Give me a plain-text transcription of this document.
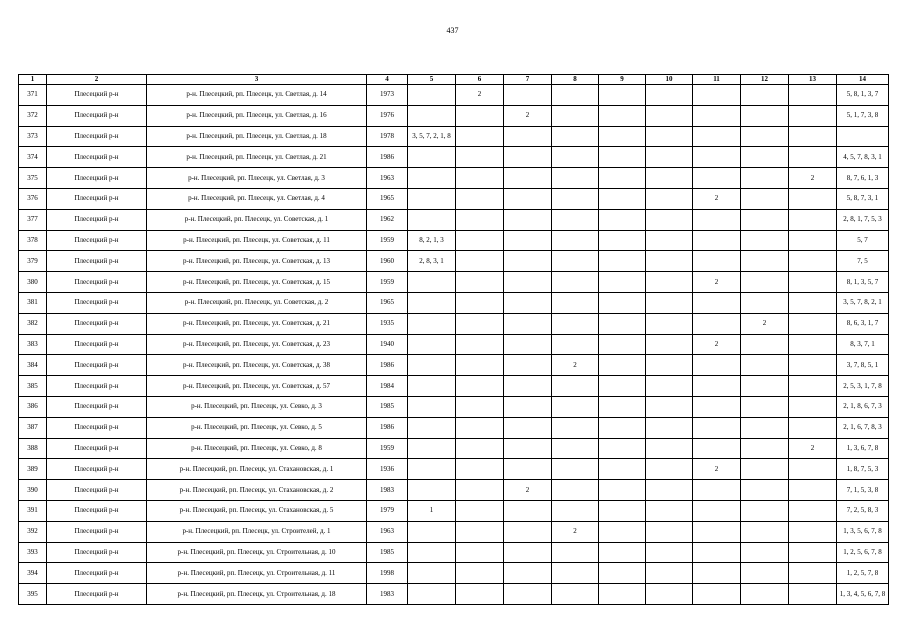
437
1	2	3	4	5	6	7	8	9	10	11	12	13	14
371	Плесецкий р-н	р-н. Плесецкий, рп. Плесецк, ул. Светлая, д. 14	1973		2								5, 8, 1, 3, 7
372	Плесецкий р-н	р-н. Плесецкий, рп. Плесецк, ул. Светлая, д. 16	1976			2							5, 1, 7, 3, 8
373	Плесецкий р-н	р-н. Плесецкий, рп. Плесецк, ул. Светлая, д. 18	1978	3, 5, 7, 2, 1, 8									
374	Плесецкий р-н	р-н. Плесецкий, рп. Плесецк, ул. Светлая, д. 21	1986										4, 5, 7, 8, 3, 1
375	Плесецкий р-н	р-н. Плесецкий, рп. Плесецк, ул. Светлая, д. 3	1963									2	8, 7, 6, 1, 3
376	Плесецкий р-н	р-н. Плесецкий, рп. Плесецк, ул. Светлая, д. 4	1965							2			5, 8, 7, 3, 1
377	Плесецкий р-н	р-н. Плесецкий, рп. Плесецк, ул. Советская, д. 1	1962										2, 8, 1, 7, 5, 3
378	Плесецкий р-н	р-н. Плесецкий, рп. Плесецк, ул. Советская, д. 11	1959	8, 2, 1, 3									5, 7
379	Плесецкий р-н	р-н. Плесецкий, рп. Плесецк, ул. Советская, д. 13	1960	2, 8, 3, 1									7, 5
380	Плесецкий р-н	р-н. Плесецкий, рп. Плесецк, ул. Советская, д. 15	1959							2			8, 1, 3, 5, 7
381	Плесецкий р-н	р-н. Плесецкий, рп. Плесецк, ул. Советская, д. 2	1965										3, 5, 7, 8, 2, 1
382	Плесецкий р-н	р-н. Плесецкий, рп. Плесецк, ул. Советская, д. 21	1935								2		8, 6, 3, 1, 7
383	Плесецкий р-н	р-н. Плесецкий, рп. Плесецк, ул. Советская, д. 23	1940							2			8, 3, 7, 1
384	Плесецкий р-н	р-н. Плесецкий, рп. Плесецк, ул. Советская, д. 38	1986				2						3, 7, 8, 5, 1
385	Плесецкий р-н	р-н. Плесецкий, рп. Плесецк, ул. Советская, д. 57	1984										2, 5, 3, 1, 7, 8
386	Плесецкий р-н	р-н. Плесецкий, рп. Плесецк, ул. Севко, д. 3	1985										2, 1, 8, 6, 7, 3
387	Плесецкий р-н	р-н. Плесецкий, рп. Плесецк, ул. Севко, д. 5	1986										2, 1, 6, 7, 8, 3
388	Плесецкий р-н	р-н. Плесецкий, рп. Плесецк, ул. Севко, д. 8	1959									2	1, 3, 6, 7, 8
389	Плесецкий р-н	р-н. Плесецкий, рп. Плесецк, ул. Стахановская, д. 1	1936							2			1, 8, 7, 5, 3
390	Плесецкий р-н	р-н. Плесецкий, рп. Плесецк, ул. Стахановская, д. 2	1983			2							7, 1, 5, 3, 8
391	Плесецкий р-н	р-н. Плесецкий, рп. Плесецк, ул. Стахановская, д. 5	1979	1									7, 2, 5, 8, 3
392	Плесецкий р-н	р-н. Плесецкий, рп. Плесецк, ул. Строителей, д. 1	1963				2						1, 3, 5, 6, 7, 8
393	Плесецкий р-н	р-н. Плесецкий, рп. Плесецк, ул. Строительная, д. 10	1985										1, 2, 5, 6, 7, 8
394	Плесецкий р-н	р-н. Плесецкий, рп. Плесецк, ул. Строительная, д. 11	1998										1, 2, 5, 7, 8
395	Плесецкий р-н	р-н. Плесецкий, рп. Плесецк, ул. Строительная, д. 18	1983										1, 3, 4, 5, 6, 7, 8
